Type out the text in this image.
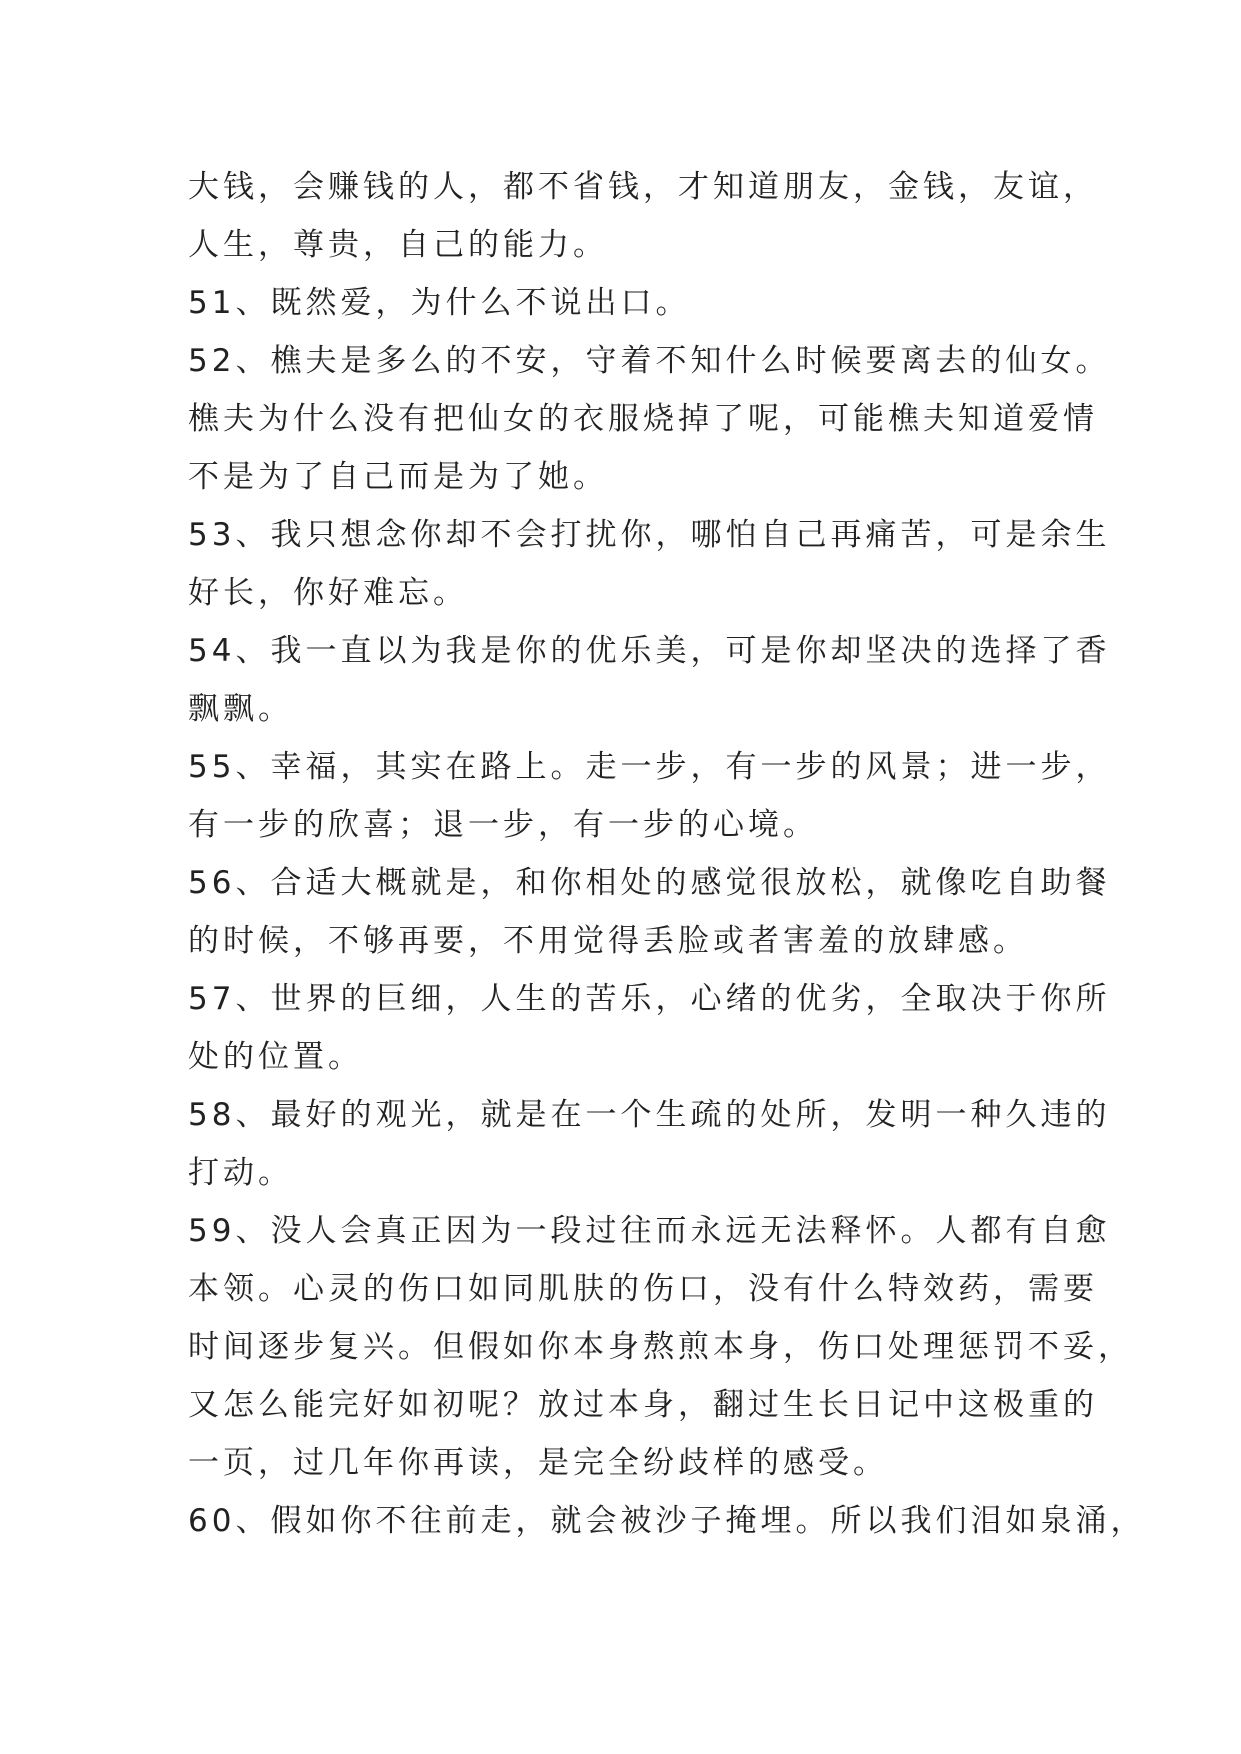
大钱，会赚钱的人，都不省钱，才知道朋友，金钱，友谊，
人生，尊贵，自己的能力。
51、既然爱，为什么不说出口。
52、樵夫是多么的不安，守着不知什么时候要离去的仙女。
樵夫为什么没有把仙女的衣服烧掉了呢，可能樵夫知道爱情
不是为了自己而是为了她。
53、我只想念你却不会打扰你，哪怕自己再痛苦，可是余生
好长，你好难忘。
54、我一直以为我是你的优乐美，可是你却坚决的选择了香
飘飘。
55、幸福，其实在路上。走一步，有一步的风景；进一步，
有一步的欣喜；退一步，有一步的心境。
56、合适大概就是，和你相处的感觉很放松，就像吃自助餐
的时候，不够再要，不用觉得丢脸或者害羞的放肆感。
57、世界的巨细，人生的苦乐，心绪的优劣，全取决于你所
处的位置。
58、最好的观光，就是在一个生疏的处所，发明一种久违的
打动。
59、没人会真正因为一段过往而永远无法释怀。人都有自愈
本领。心灵的伤口如同肌肤的伤口，没有什么特效药，需要
时间逐步复兴。但假如你本身熬煎本身，伤口处理惩罚不妥，
又怎么能完好如初呢？放过本身，翻过生长日记中这极重的
一页，过几年你再读，是完全纷歧样的感受。
60、假如你不往前走，就会被沙子掩埋。所以我们泪如泉涌，
